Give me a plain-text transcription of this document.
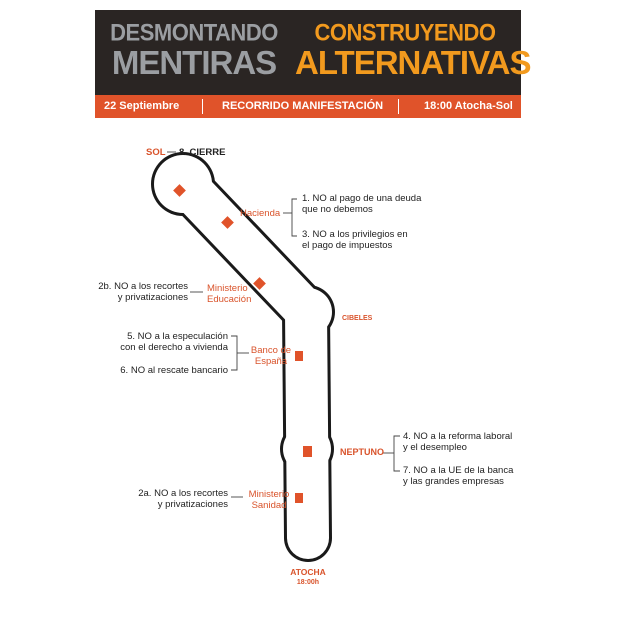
DESMONTANDO
MENTIRAS
CONSTRUYENDO
ALTERNATIVAS
22 Septiembre	RECORRIDO MANIFESTACIÓN	18:00 Atocha-Sol
SOL 8. CIERRE
Hacienda
1. NO al pago de una deuda
que no debemos
3. NO a los privilegios en
el pago de impuestos
2b. NO a los recortes
y privatizaciones
Ministerio
Educación
CIBELES
5. NO a la especulación
con el derecho a vivienda
6. NO al rescate bancario
Banco de
España
NEPTUNO
4. NO a la reforma laboral
y el desempleo
7. NO a la UE de la banca
y las grandes empresas
2a. NO a los recortes
y privatizaciones
Ministerio
Sanidad
ATOCHA
18:00h
